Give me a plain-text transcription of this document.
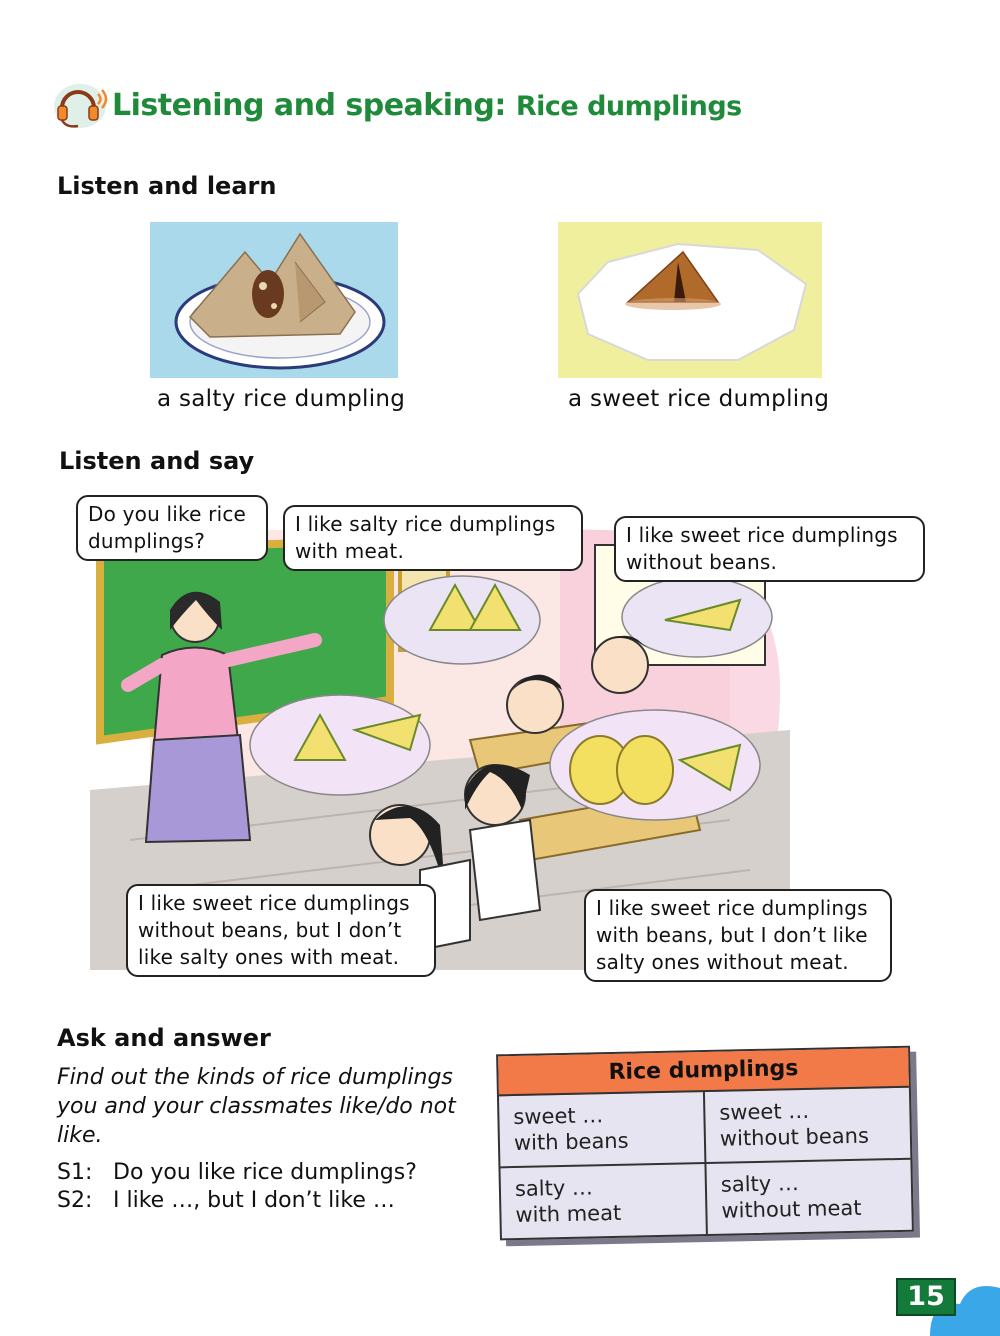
Listening and speaking: Rice dumplings
Listen and learn
a salty rice dumpling	a sweet rice dumpling
Listen and say
Do you like rice dumplings?
I like salty rice dumplings with meat.
I like sweet rice dumplings without beans.
I like sweet rice dumplings without beans, but I don’t like salty ones with meat.
I like sweet rice dumplings with beans, but I don’t like salty ones without meat.
Ask and answer
Find out the kinds of rice dumplings you and your classmates like/do not like.
S1: Do you like rice dumplings?
S2: I like …, but I don’t like …
Rice dumplings
sweet …
with beans
sweet …
without beans
salty …
with meat
salty …
without meat
15
